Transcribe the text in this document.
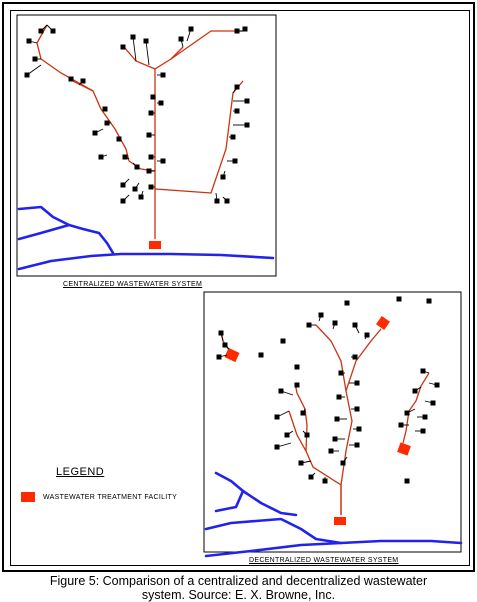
CENTRALIZED WASTEWATER SYSTEM
DECENTRALIZED WASTEWATER SYSTEM
LEGEND
WASTEWATER TREATMENT FACILITY
Figure 5: Comparison of a centralized and decentralized wastewater
system. Source: E. X. Browne, Inc.
